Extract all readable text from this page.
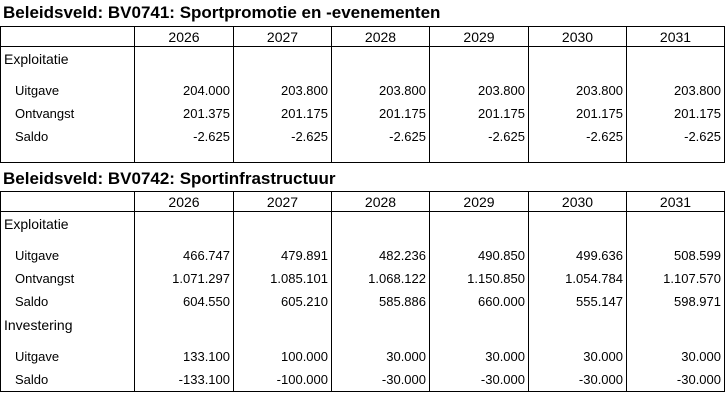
Beleidsveld: BV0741: Sportpromotie en -evenementen
2026	2027	2028	2029	2030	2031
Exploitatie
Uitgave	204.000	203.800	203.800	203.800	203.800	203.800
Ontvangst	201.375	201.175	201.175	201.175	201.175	201.175
Saldo	-2.625	-2.625	-2.625	-2.625	-2.625	-2.625
Beleidsveld: BV0742: Sportinfrastructuur
2026	2027	2028	2029	2030	2031
Exploitatie
Uitgave	466.747	479.891	482.236	490.850	499.636	508.599
Ontvangst	1.071.297	1.085.101	1.068.122	1.150.850	1.054.784	1.107.570
Saldo	604.550	605.210	585.886	660.000	555.147	598.971
Investering
Uitgave	133.100	100.000	30.000	30.000	30.000	30.000
Saldo	-133.100	-100.000	-30.000	-30.000	-30.000	-30.000
